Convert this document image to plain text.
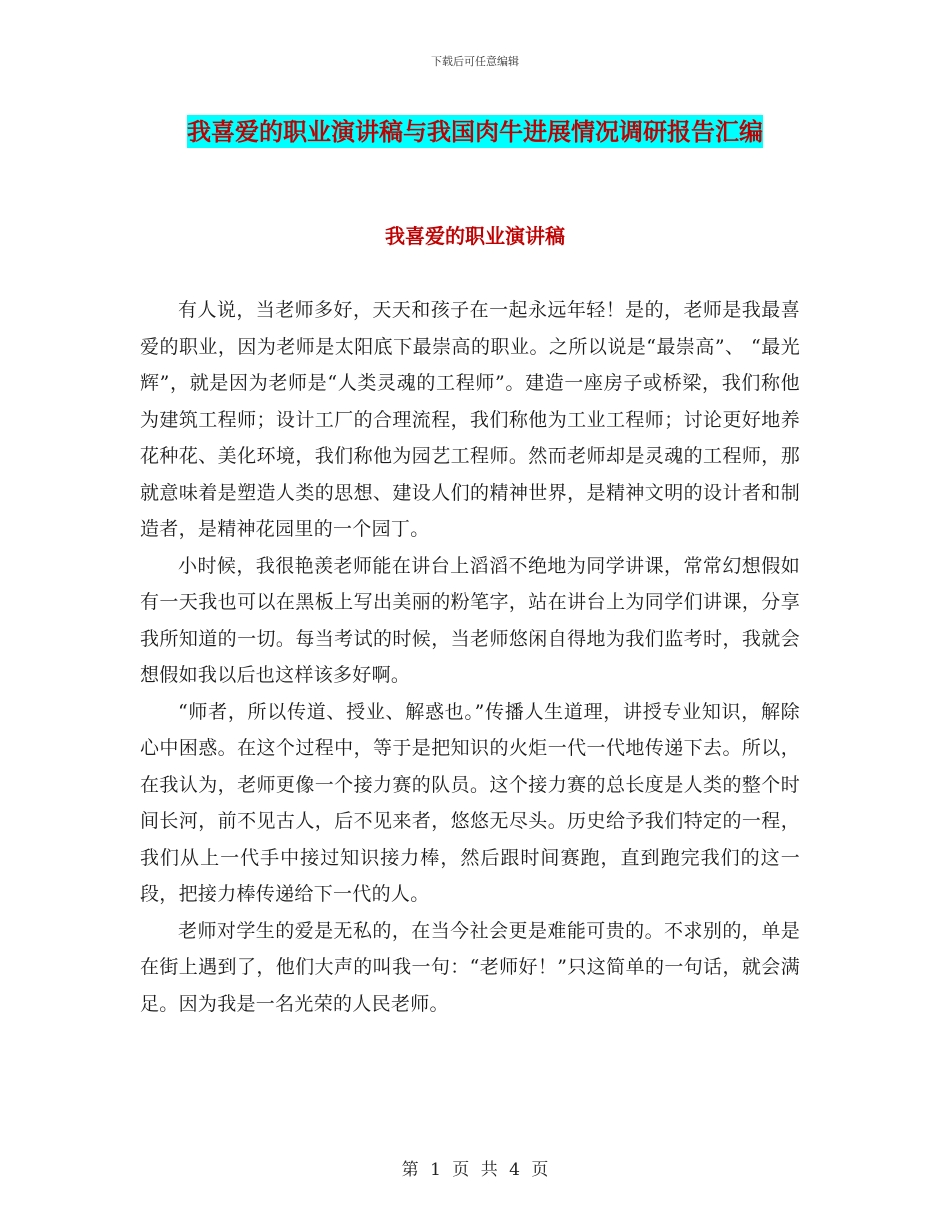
下载后可任意编辑
我喜爱的职业演讲稿与我国肉牛进展情况调研报告汇编
我喜爱的职业演讲稿

有人说，当老师多好，天天和孩子在一起永远年轻！是的，老师是我最喜爱的职业，因为老师是太阳底下最崇高的职业。之所以说是“最崇高”、 “最光辉”，就是因为老师是“人类灵魂的工程师”。建造一座房子或桥梁，我们称他为建筑工程师；设计工厂的合理流程，我们称他为工业工程师；讨论更好地养花种花、美化环境，我们称他为园艺工程师。然而老师却是灵魂的工程师，那就意味着是塑造人类的思想、建设人们的精神世界，是精神文明的设计者和制造者，是精神花园里的一个园丁。

小时候，我很艳羡老师能在讲台上滔滔不绝地为同学讲课，常常幻想假如有一天我也可以在黑板上写出美丽的粉笔字，站在讲台上为同学们讲课，分享我所知道的一切。每当考试的时候，当老师悠闲自得地为我们监考时，我就会想假如我以后也这样该多好啊。

“师者，所以传道、授业、解惑也。”传播人生道理，讲授专业知识，解除心中困惑。在这个过程中，等于是把知识的火炬一代一代地传递下去。所以，在我认为，老师更像一个接力赛的队员。这个接力赛的总长度是人类的整个时间长河，前不见古人，后不见来者，悠悠无尽头。历史给予我们特定的一程，我们从上一代手中接过知识接力棒，然后跟时间赛跑，直到跑完我们的这一段，把接力棒传递给下一代的人。

老师对学生的爱是无私的，在当今社会更是难能可贵的。不求别的，单是在街上遇到了，他们大声的叫我一句：“老师好！”只这简单的一句话，就会满足。因为我是一名光荣的人民老师。

第 1 页 共 4 页
